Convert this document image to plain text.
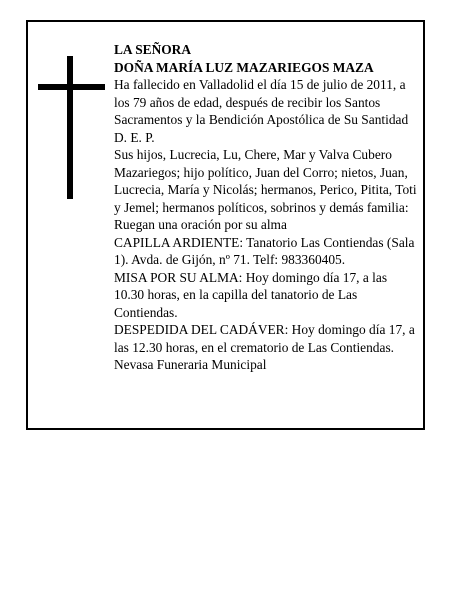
LA SEÑORA

DOÑA MARÍA LUZ MAZARIEGOS MAZA

Ha fallecido en Valladolid el día 15 de julio de 2011, a los 79 años de edad, después de recibir los Santos Sacramentos y la Bendición Apostólica de Su Santidad D. E. P.

Sus hijos, Lucrecia, Lu, Chere, Mar y Valva Cubero Mazariegos; hijo político, Juan del Corro; nietos, Juan, Lucrecia, María y Nicolás; hermanos, Perico, Pitita, Toti y Jemel; hermanos políticos, sobrinos y demás familia:

Ruegan una oración por su alma

CAPILLA ARDIENTE: Tanatorio Las Contiendas (Sala 1). Avda. de Gijón, nº 71. Telf: 983360405.

MISA POR SU ALMA: Hoy domingo día 17, a las 10.30 horas, en la capilla del tanatorio de Las Contiendas.

DESPEDIDA DEL CADÁVER: Hoy domingo día 17, a las 12.30 horas, en el crematorio de Las Contiendas.

Nevasa Funeraria Municipal
